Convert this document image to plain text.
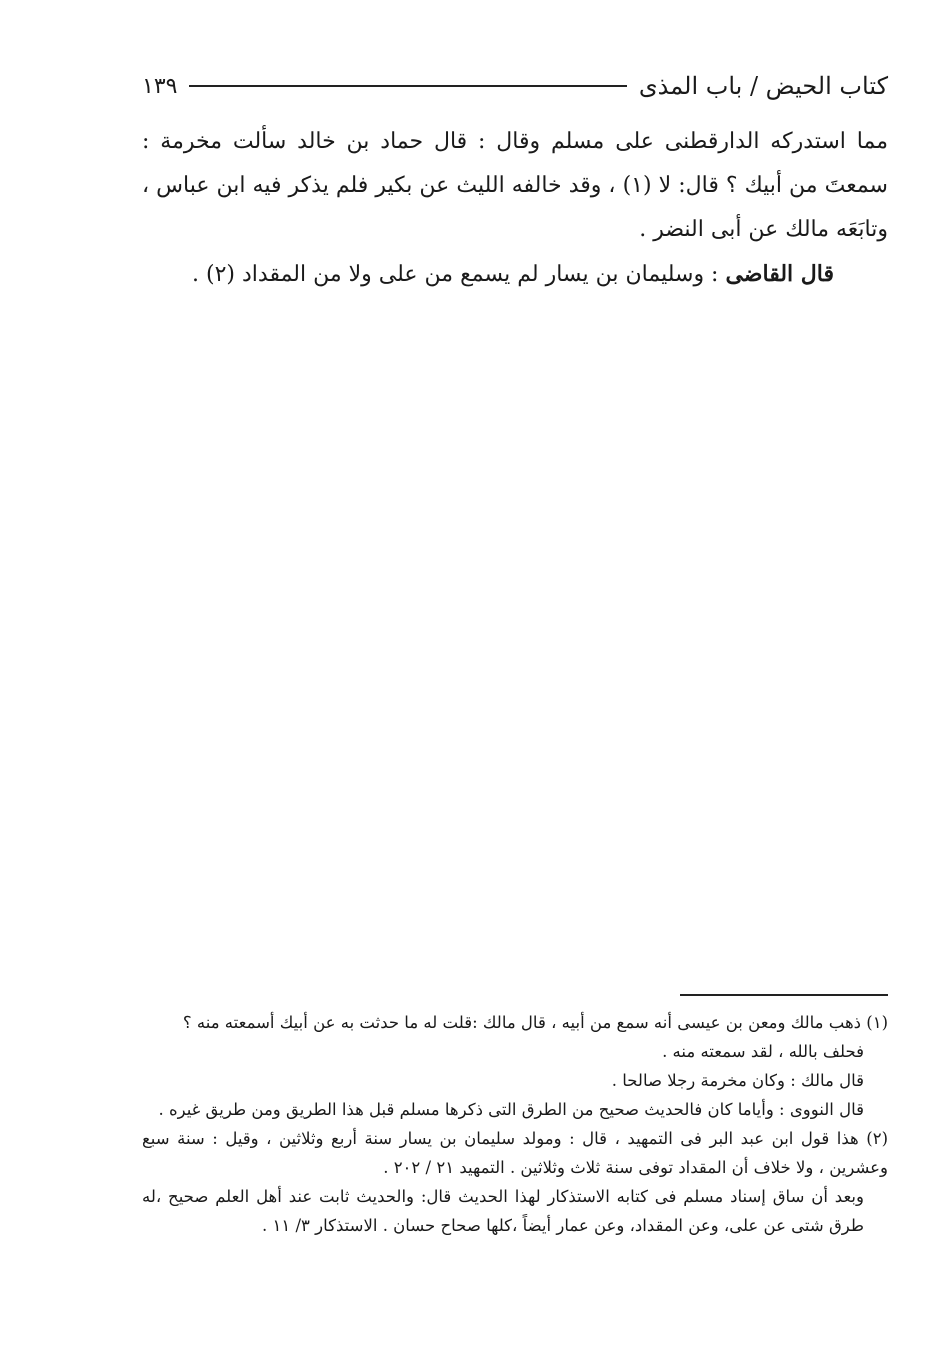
كتاب الحيض / باب المذى
١٣٩

مما استدركه الدارقطنى على مسلم وقال : قال حماد بن خالد سألت مخرمة : سمعتَ من أبيك ؟ قال: لا (١) ، وقد خالفه الليث عن بكير فلم يذكر فيه ابن عباس ، وتابَعَه مالك عن أبى النضر .

قال القاضى : وسليمان بن يسار لم يسمع من على ولا من المقداد (٢) .

(١) ذهب مالك ومعن بن عيسى أنه سمع من أبيه ، قال مالك :قلت له ما حدثت به عن أبيك أسمعته منه ؟

فحلف بالله ، لقد سمعته منه .

قال مالك : وكان مخرمة رجلا صالحا .

قال النووى : وأياما كان فالحديث صحيح من الطرق التى ذكرها مسلم قبل هذا الطريق ومن طريق غيره .

(٢) هذا قول ابن عبد البر فى التمهيد ، قال : ومولد سليمان بن يسار سنة أربع وثلاثين ، وقيل : سنة سبع وعشرين ، ولا خلاف أن المقداد توفى سنة ثلاث وثلاثين . التمهيد ٢١ / ٢٠٢ .

وبعد أن ساق إسناد مسلم فى كتابه الاستذكار لهذا الحديث قال: والحديث ثابت عند أهل العلم صحيح ،له طرق شتى عن على، وعن المقداد، وعن عمار أيضاً ،كلها صحاح حسان . الاستذكار ٣/ ١١ .
